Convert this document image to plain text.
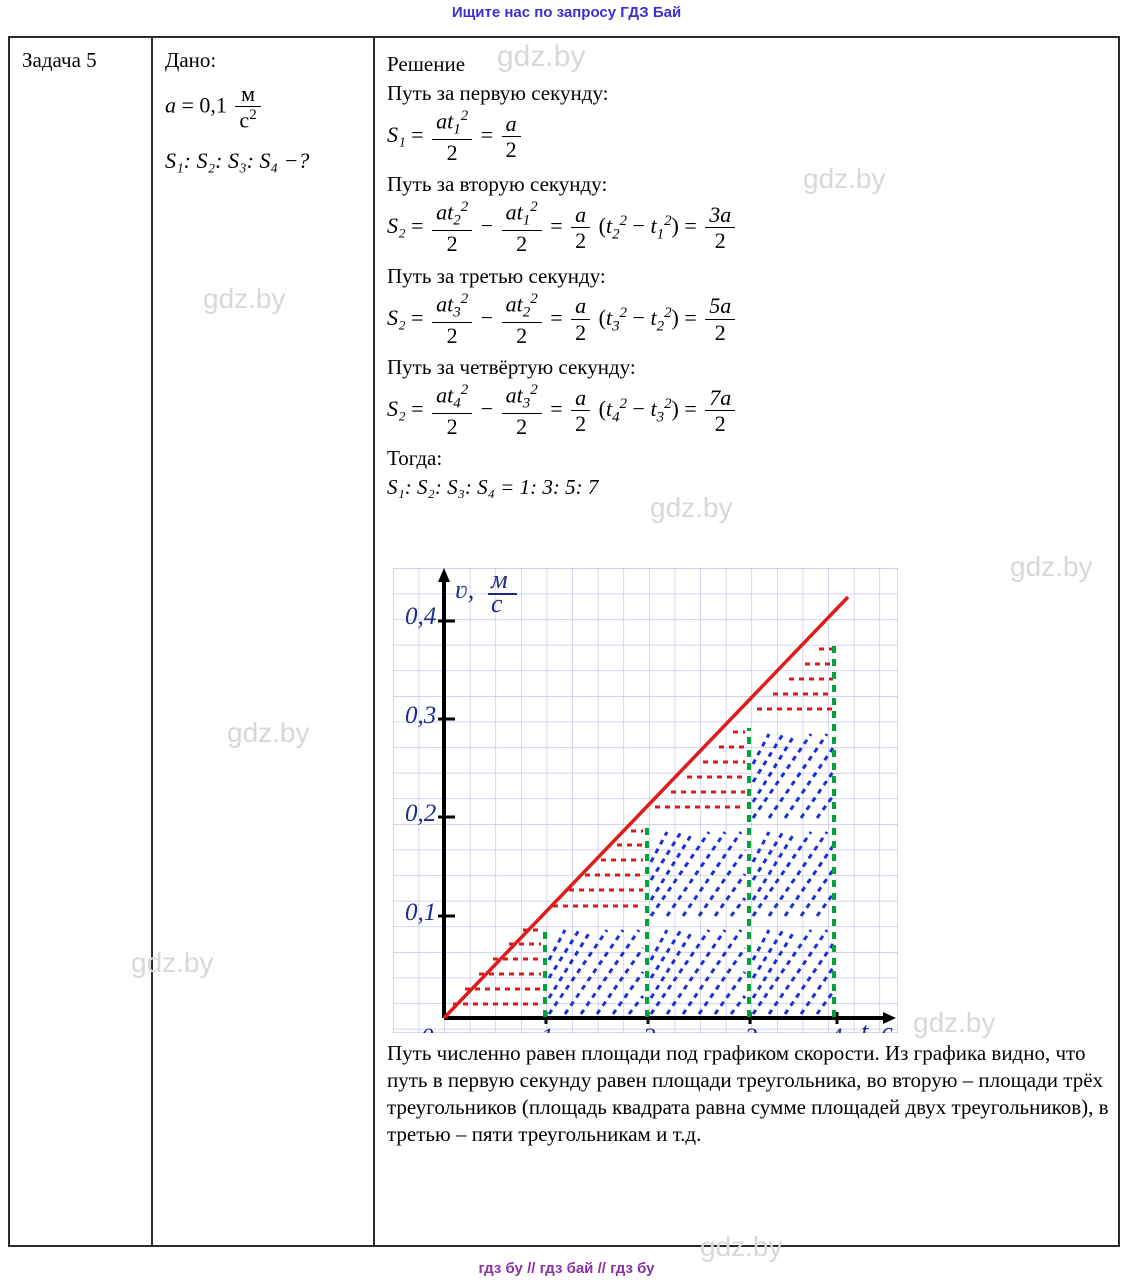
Ищите нас по запросу ГДЗ Бай
Задача 5	Дано:
$a = 0,1 \frac{м}{с^2}$
S₁: S₂: S₃: S₄ −?
Решение
Путь за первую секунду:
$S_1 = \frac{at_1^2}{2} = \frac{a}{2}$
Путь за вторую секунду:
$S_2 = \frac{at_2^2}{2} - \frac{at_1^2}{2} = \frac{a}{2} (t_2^2 - t_1^2) = \frac{3a}{2}$
Путь за третью секунду:
$S_2 = \frac{at_3^2}{2} - \frac{at_2^2}{2} = \frac{a}{2} (t_3^2 - t_2^2) = \frac{5a}{2}$
Путь за четвёртую секунду:
$S_2 = \frac{at_4^2}{2} - \frac{at_3^2}{2} = \frac{a}{2} (t_4^2 - t_3^2) = \frac{7a}{2}$
Тогда:
S₁: S₂: S₃: S₄ = 1: 3: 5: 7
0,4
0,3
0,2
0,1
ʋ, м
с
t, c
Путь численно равен площади под графиком скорости. Из графика видно, что путь в первую секунду равен площади треугольника, во вторую – площади трёх треугольников (площадь квадрата равна сумме площадей двух треугольников), в третью – пяти треугольникам и т.д.
гдз бу // гдз бай // гдз бу
gdz.by
gdz.by
gdz.by
gdz.by
gdz.by
gdz.by
gdz.by
gdz.by
gdz.by
